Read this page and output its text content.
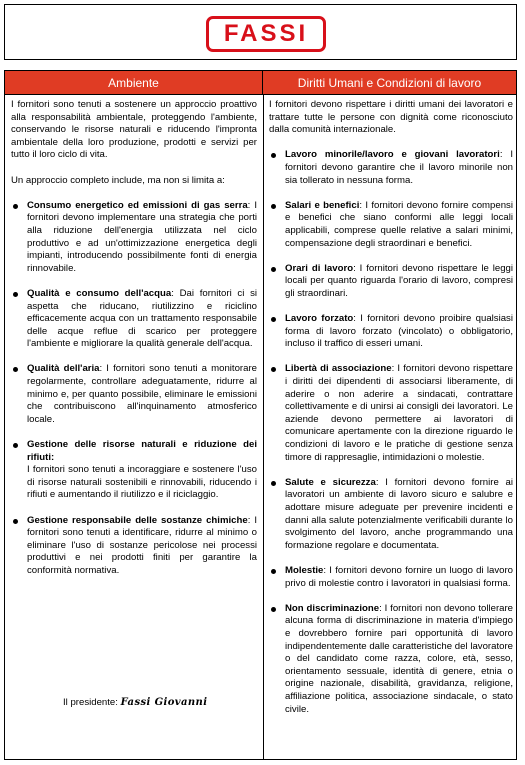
FASSI
Ambiente	Diritti Umani e Condizioni di lavoro

I fornitori sono tenuti a sostenere un approccio proattivo alla responsabilità ambientale, proteggendo l'ambiente, conservando le risorse naturali e riducendo l'impronta ambientale della loro produzione, prodotti e servizi per tutto il loro ciclo di vita.

Un approccio completo include, ma non si limita a:

Consumo energetico ed emissioni di gas serra: I fornitori devono implementare una strategia che porti alla riduzione dell'energia utilizzata nel ciclo produttivo e ad un'ottimizzazione energetica degli impianti, introducendo possibilmente fonti di energia rinnovabile.
Qualità e consumo dell'acqua: Dai fornitori ci si aspetta che riducano, riutilizzino e riciclino efficacemente acqua con un trattamento responsabile delle acque reflue di scarico per proteggere l'ambiente e migliorare la qualità generale dell'acqua.
Qualità dell'aria: I fornitori sono tenuti a monitorare regolarmente, controllare adeguatamente, ridurre al minimo e, per quanto possibile, eliminare le emissioni che contribuiscono all'inquinamento atmosferico locale.
Gestione delle risorse naturali e riduzione dei rifiuti:
I fornitori sono tenuti a incoraggiare e sostenere l'uso di risorse naturali sostenibili e rinnovabili, riducendo i rifiuti e aumentando il riutilizzo e il riciclaggio.
Gestione responsabile delle sostanze chimiche: I fornitori sono tenuti a identificare, ridurre al minimo o eliminare l'uso di sostanze pericolose nei processi produttivi e nei prodotti finiti per garantire la conformità normativa.
Il presidente: Fassi Giovanni

I fornitori devono rispettare i diritti umani dei lavoratori e trattare tutte le persone con dignità come riconosciuto dalla comunità internazionale.

Lavoro minorile/lavoro e giovani lavoratori: I fornitori devono garantire che il lavoro minorile non sia tollerato in nessuna forma.
Salari e benefici: I fornitori devono fornire compensi e benefici che siano conformi alle leggi locali applicabili, comprese quelle relative a salari minimi, compensazione degli straordinari e benefici.
Orari di lavoro: I fornitori devono rispettare le leggi locali per quanto riguarda l'orario di lavoro, compresi gli straordinari.
Lavoro forzato: I fornitori devono proibire qualsiasi forma di lavoro forzato (vincolato) o obbligatorio, incluso il traffico di esseri umani.
Libertà di associazione: I fornitori devono rispettare i diritti dei dipendenti di associarsi liberamente, di aderire o non aderire a sindacati, contrattare collettivamente e di unirsi ai consigli dei lavoratori. Le aziende devono permettere ai lavoratori di comunicare apertamente con la direzione riguardo le condizioni di lavoro e le pratiche di gestione senza timore di rappresaglie, intimidazioni o molestie.
Salute e sicurezza: I fornitori devono fornire ai lavoratori un ambiente di lavoro sicuro e salubre e adottare misure adeguate per prevenire incidenti e danni alla salute potenzialmente verificabili durante lo svolgimento del lavoro, anche programmando una formazione regolare e documentata.
Molestie: I fornitori devono fornire un luogo di lavoro privo di molestie contro i lavoratori in qualsiasi forma.
Non discriminazione: I fornitori non devono tollerare alcuna forma di discriminazione in materia d'impiego e dovrebbero fornire pari opportunità di lavoro indipendentemente dalle caratteristiche del lavoratore o del candidato come razza, colore, età, sesso, orientamento sessuale, identità di genere, etnia o origine nazionale, disabilità, gravidanza, religione, affiliazione politica, associazione sindacale, o stato civile.
